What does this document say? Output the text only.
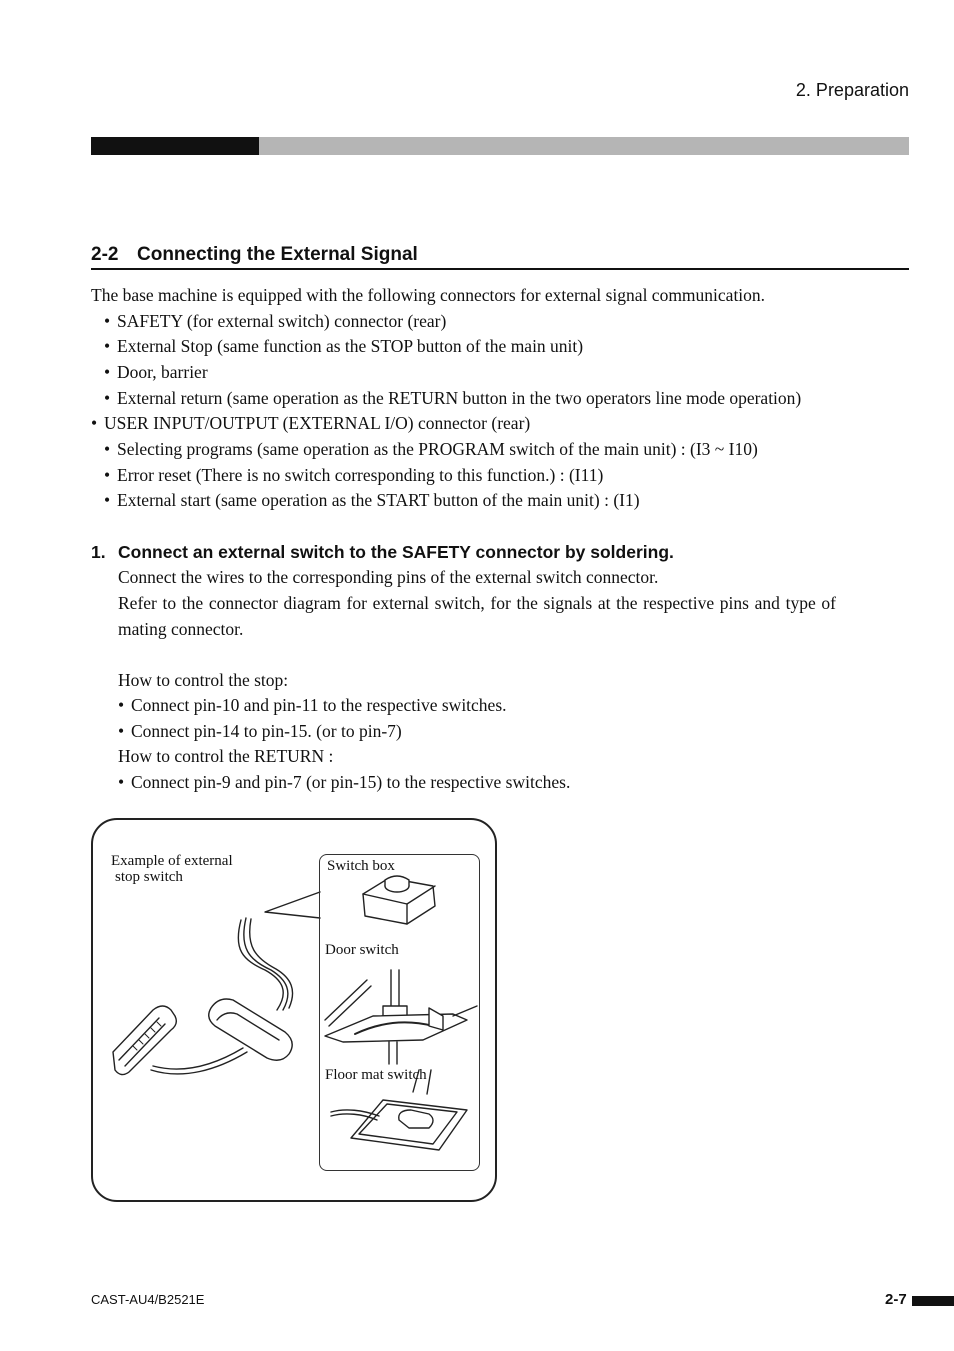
2. Preparation
2-2 Connecting the External Signal
The base machine is equipped with the following connectors for external signal communication.
• SAFETY (for external switch) connector (rear)
• External Stop (same function as the STOP button of the main unit)
• Door, barrier
• External return (same operation as the RETURN button in the two operators line mode operation)
• USER INPUT/OUTPUT (EXTERNAL I/O) connector (rear)
• Selecting programs (same operation as the PROGRAM switch of the main unit) : (I3 ~ I10)
• Error reset (There is no switch corresponding to this function.) : (I11)
• External start (same operation as the START button of the main unit) : (I1)
1. Connect an external switch to the SAFETY connector by soldering.
Connect the wires to the corresponding pins of the external switch connector.
Refer to the connector diagram for external switch, for the signals at the respective pins and type of
mating connector.
How to control the stop:
• Connect pin-10 and pin-11 to the respective switches.
• Connect pin-14 to pin-15. (or to pin-7)
How to control the RETURN :
• Connect pin-9 and pin-7 (or pin-15) to the respective switches.
Example of external
stop switch
Switch box
Door switch
Floor mat switch
CAST-AU4/B2521E	2-7
